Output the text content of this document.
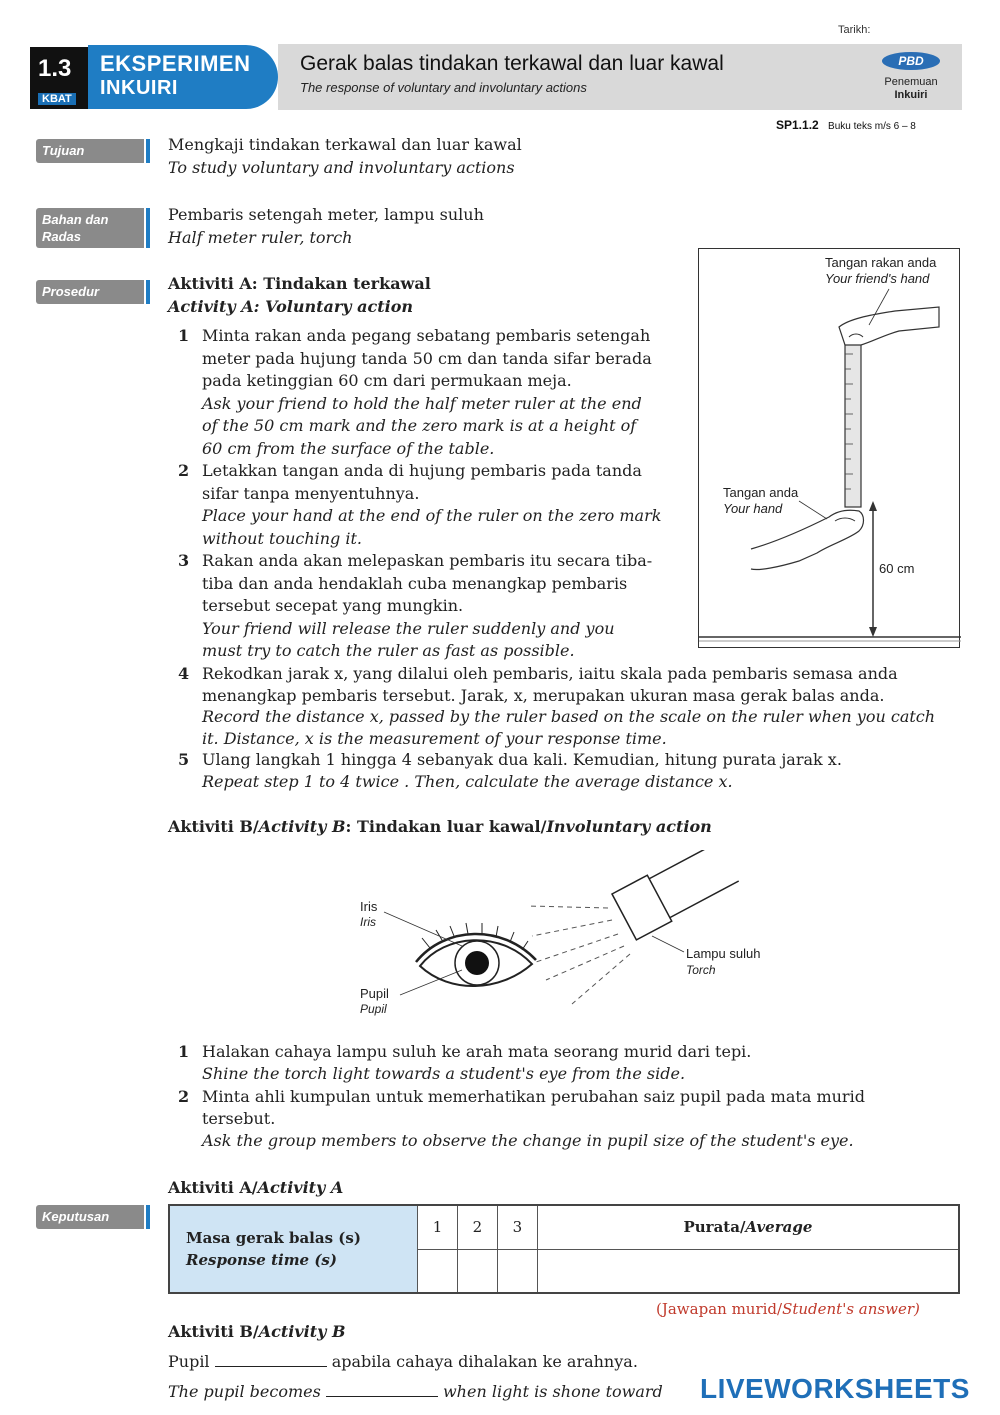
Tarikh:
1.3
KBAT
EKSPERIMEN
INKUIRI
Gerak balas tindakan terkawal dan luar kawal
The response of voluntary and involuntary actions
PBD
Penemuan
Inkuiri
SP1.1.2 Buku teks m/s 6 – 8
Tujuan	Mengkaji tindakan terkawal dan luar kawal
To study voluntary and involuntary actions
Bahan dan
Radas
Pembaris setengah meter, lampu suluh
Half meter ruler, torch
Prosedur	Aktiviti A: Tindakan terkawal
Activity A: Voluntary action
1 Minta rakan anda pegang sebatang pembaris setengah
meter pada hujung tanda 50 cm dan tanda sifar berada
pada ketinggian 60 cm dari permukaan meja.
Ask your friend to hold the half meter ruler at the end
of the 50 cm mark and the zero mark is at a height of
60 cm from the surface of the table.
2 Letakkan tangan anda di hujung pembaris pada tanda
sifar tanpa menyentuhnya.
Place your hand at the end of the ruler on the zero mark
without touching it.
3 Rakan anda akan melepaskan pembaris itu secara tiba-
tiba dan anda hendaklah cuba menangkap pembaris
tersebut secepat yang mungkin.
Your friend will release the ruler suddenly and you
must try to catch the ruler as fast as possible.
4 Rekodkan jarak x, yang dilalui oleh pembaris, iaitu skala pada pembaris semasa anda
menangkap pembaris tersebut. Jarak, x, merupakan ukuran masa gerak balas anda.
Record the distance x, passed by the ruler based on the scale on the ruler when you catch
it. Distance, x is the measurement of your response time.
5 Ulang langkah 1 hingga 4 sebanyak dua kali. Kemudian, hitung purata jarak x.
Repeat step 1 to 4 twice . Then, calculate the average distance x.
Tangan rakan anda
Your friend's hand
Tangan anda
Your hand
60 cm
Aktiviti B/Activity B: Tindakan luar kawal/Involuntary action
Iris
Iris
Pupil
Pupil
Lampu suluh
Torch
1 Halakan cahaya lampu suluh ke arah mata seorang murid dari tepi.
Shine the torch light towards a student's eye from the side.
2 Minta ahli kumpulan untuk memerhatikan perubahan saiz pupil pada mata murid
tersebut.
Ask the group members to observe the change in pupil size of the student's eye.
Aktiviti A/Activity A
Keputusan
Masa gerak balas (s)
Response time (s)	1	2	3	Purata/Average

(Jawapan murid/Student's answer)
Aktiviti B/Activity B
Pupil	apabila cahaya dihalakan ke arahnya.
The pupil becomes	when light is shone toward LIVEWORKSHEETS
